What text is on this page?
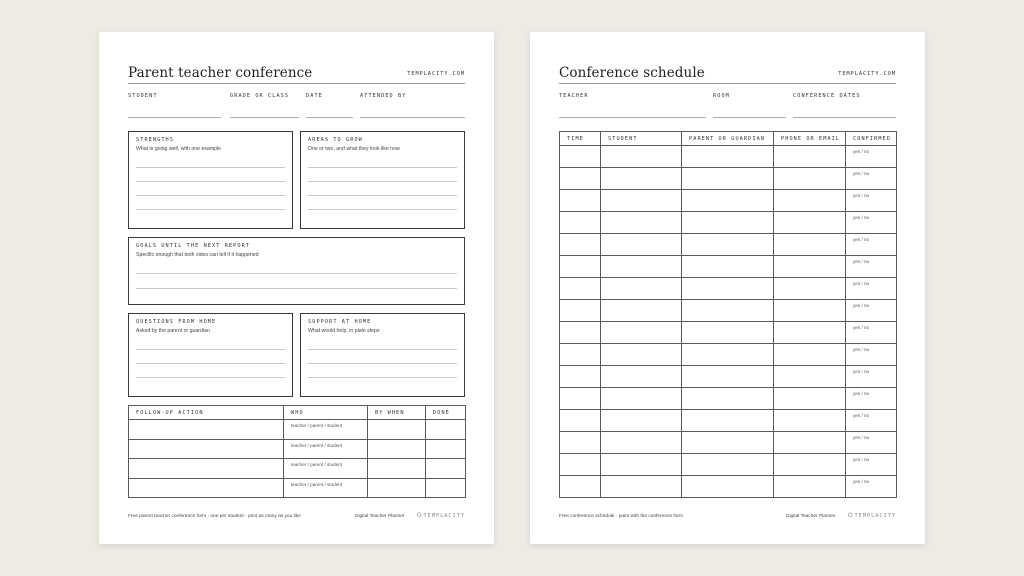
Parent teacher conference	TEMPLACITY.COM
STUDENT	GRADE OR CLASS	DATE	ATTENDED BY
STRENGTHS
What is going well, with one example
AREAS TO GROW
One or two, and what they look like now
GOALS UNTIL THE NEXT REPORT
Specific enough that both sides can tell if it happened
QUESTIONS FROM HOME
Asked by the parent or guardian
SUPPORT AT HOME
What would help, in plain steps
FOLLOW-UP ACTION	WHO	BY WHEN	DONE
	teacher / parent / student		
	teacher / parent / student		
	teacher / parent / student		
	teacher / parent / student		
Free parent teacher conference form · one per student · print as many as you like	Digital Teacher Planner ʘTEMPLACITY
Conference schedule	TEMPLACITY.COM
TEACHER	ROOM	CONFERENCE DATES
TIME	STUDENT	PARENT OR GUARDIAN	PHONE OR EMAIL	CONFIRMED
				yes / no
				yes / no
				yes / no
				yes / no
				yes / no
				yes / no
				yes / no
				yes / no
				yes / no
				yes / no
				yes / no
				yes / no
				yes / no
				yes / no
				yes / no
				yes / no
Free conference schedule · pairs with the conference form	Digital Teacher Planner ʘTEMPLACITY
